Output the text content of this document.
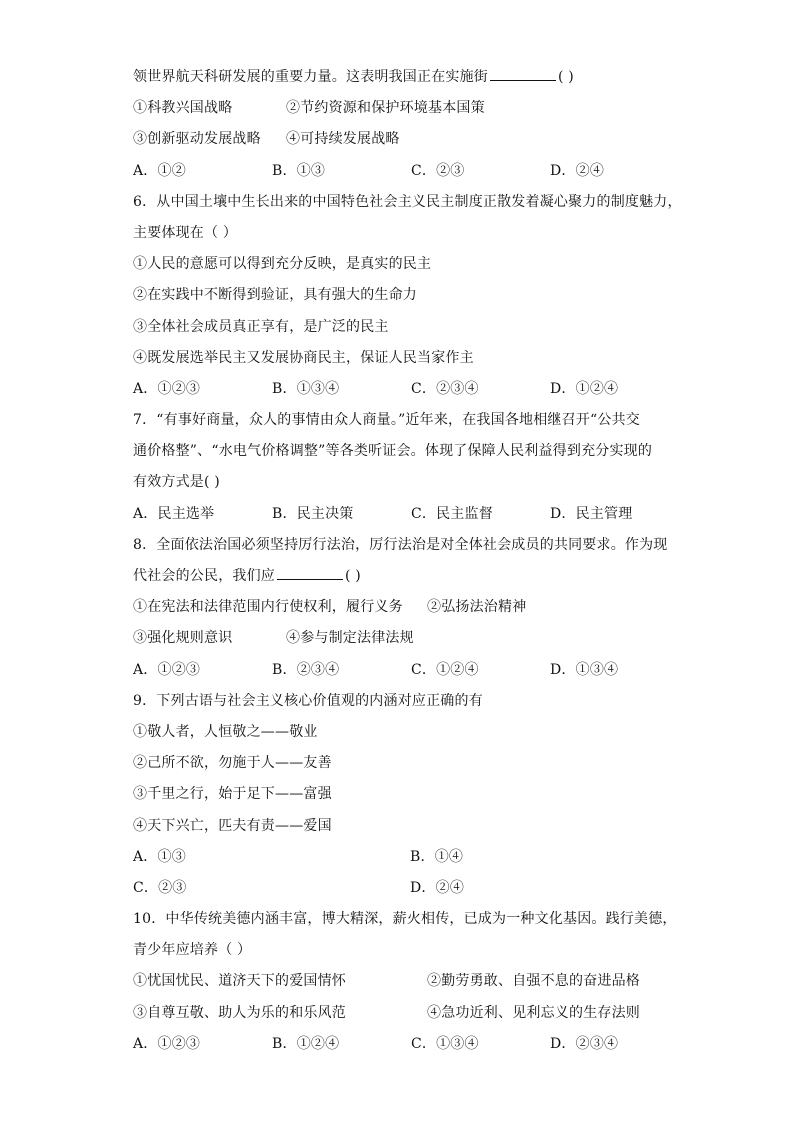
领世界航天科研发展的重要力量。这表明我国正在实施街	( )
①科教兴国战略	②节约资源和保护环境基本国策
③创新驱动发展战略 ④可持续发展战略
A．①②	B．①③	C．②③	D．②④
6．从中国土壤中生长出来的中国特色社会主义民主制度正散发着凝心聚力的制度魅力，
主要体现在（ ）
①人民的意愿可以得到充分反映，是真实的民主
②在实践中不断得到验证，具有强大的生命力
③全体社会成员真正享有，是广泛的民主
④既发展选举民主又发展协商民主，保证人民当家作主
A．①②③	B．①③④	C．②③④	D．①②④
7．“有事好商量，众人的事情由众人商量。”近年来，在我国各地相继召开“公共交
通价格整”、“水电气价格调整”等各类听证会。体现了保障人民利益得到充分实现的
有效方式是( )
A．民主选举	B．民主决策	C．民主监督	D．民主管理
8．全面依法治国必须坚持厉行法治，厉行法治是对全体社会成员的共同要求。作为现
代社会的公民，我们应	( )
①在宪法和法律范围内行使权利，履行义务 ②弘扬法治精神
③强化规则意识	④参与制定法律法规
A．①②③	B．②③④	C．①②④	D．①③④
9．下列古语与社会主义核心价值观的内涵对应正确的有
①敬人者，人恒敬之——敬业
②己所不欲，勿施于人——友善
③千里之行，始于足下——富强
④天下兴亡，匹夫有责——爱国
A．①③	B．①④
C．②③	D．②④
10．中华传统美德内涵丰富，博大精深，薪火相传，已成为一种文化基因。践行美德，
青少年应培养（ ）
①忧国忧民、道济天下的爱国情怀	②勤劳勇敢、自强不息的奋进品格
③自尊互敬、助人为乐的和乐风范	④急功近利、见利忘义的生存法则
A．①②③	B．①②④	C．①③④	D．②③④
